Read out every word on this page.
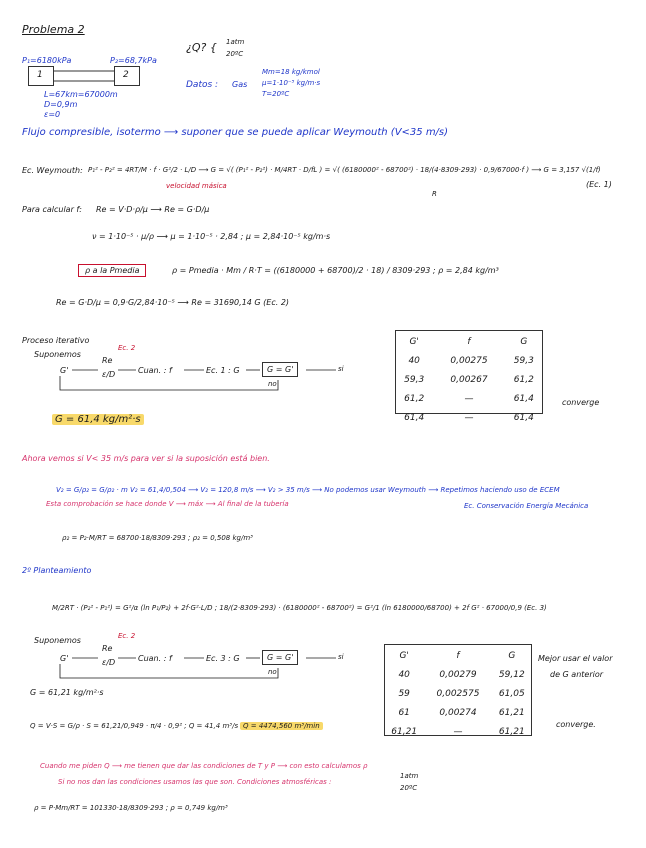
Problema 2
P₁=6180kPa	P₂=68,7kPa
1	2
L=67km=67000m
D=0,9m
ε=0
¿Q? { 1atm
20ºC
Datos : Gas
Mm=18 kg/kmol
μ=1·10⁻⁵ kg/m·s
T=20ºC
Flujo compresible, isotermo ⟶ suponer que se puede aplicar Weymouth (V<35 m/s)
Ec. Weymouth: P₁² - P₂² = 4RT/M · f · G²/2 · L/D ⟶ G = √( (P₁² - P₂²) · M/4RT · D/fL ) = √( (6180000² - 68700²) · 18/(4·8309·293) · 0,9/67000·f ) ⟶ G = 3,157 √(1/f)
velocidad másica
R
(Ec. 1)
Para calcular f: Re = V·D·ρ/μ ⟶ Re = G·D/μ
ν = 1·10⁻⁵ · μ/ρ ⟶ μ = 1·10⁻⁵ · 2,84 ; μ = 2,84·10⁻⁵ kg/m·s
ρ a la Pmedia	ρ = Pmedia · Mm / R·T = ((6180000 + 68700)/2 · 18) / 8309·293 ; ρ = 2,84 kg/m³
Re = G·D/μ = 0,9·G/2,84·10⁻⁵ ⟶ Re = 31690,14 G (Ec. 2)
Proceso iterativo
Suponemos
G'
Re
ε/D
Ec. 2
Cuan. : f	Ec. 1 : G	G = G'	si
no
G = 61,4 kg/m²·s
G'	f	G
40	0,00275	59,3
59,3	0,00267	61,2
61,2	—	61,4
61,4	—	61,4
converge
Ahora vemos si V< 35 m/s para ver si la suposición está bien.
V₂ = G/ρ₂ = G/ρ₂ · m V₂ = 61,4/0,504 ⟶ V₂ = 120,8 m/s ⟶ V₂ > 35 m/s ⟶ No podemos usar Weymouth ⟶ Repetimos haciendo uso de ECEM
Esta comprobación se hace donde V ⟶ máx ⟶ Al final de la tubería	Ec. Conservación Energía Mecánica
ρ₂ = P₂·M/RT = 68700·18/8309·293 ; ρ₂ = 0,508 kg/m³
2º Planteamiento
M/2RT · (P₂² - P₁²) = G²/α (ln P₁/P₂) + 2f·G²·L/D ; 18/(2·8309·293) · (6180000² - 68700²) = G²/1 (ln 6180000/68700) + 2f G² · 67000/0,9 (Ec. 3)
Suponemos
G'
Re
ε/D
Ec. 2
Cuan. : f	Ec. 3 : G	G = G'	si
no
G = 61,21 kg/m²·s
G'	f	G
40	0,00279	59,12
59	0,002575	61,05
61	0,00274	61,21
61,21	—	61,21
Mejor usar el valor
de G anterior
converge.
Q = V·S = G/ρ · S = 61,21/0,949 · π/4 · 0,9² ; Q = 41,4 m³/s Q = 4474,560 m³/min
Cuando me piden Q ⟶ me tienen que dar las condiciones de T y P ⟶ con esto calculamos ρ
Si no nos dan las condiciones usamos las que son. Condiciones atmosféricas :
1atm
20ºC
ρ = P·Mm/RT = 101330·18/8309·293 ; ρ = 0,749 kg/m³
